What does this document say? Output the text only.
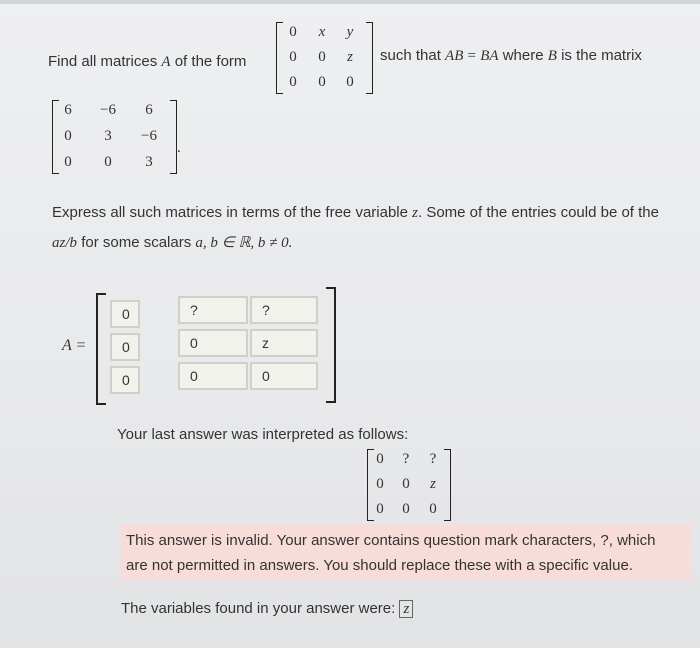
Find all matrices A of the form
0	x	y
0	0	z
0	0	0
such that AB = BA where B is the matrix
6	−6	6
0	3	−6
0	0	3
.
Express all such matrices in terms of the free variable z. Some of the entries could be of the
az/b for some scalars a, b ∈ ℝ, b ≠ 0.
A =
0	?	?
0	0	z
0	0	0
Your last answer was interpreted as follows:
0	?	?
0	0	z
0	0	0
This answer is invalid. Your answer contains question mark characters, ?, which
are not permitted in answers. You should replace these with a specific value.
The variables found in your answer were: z
